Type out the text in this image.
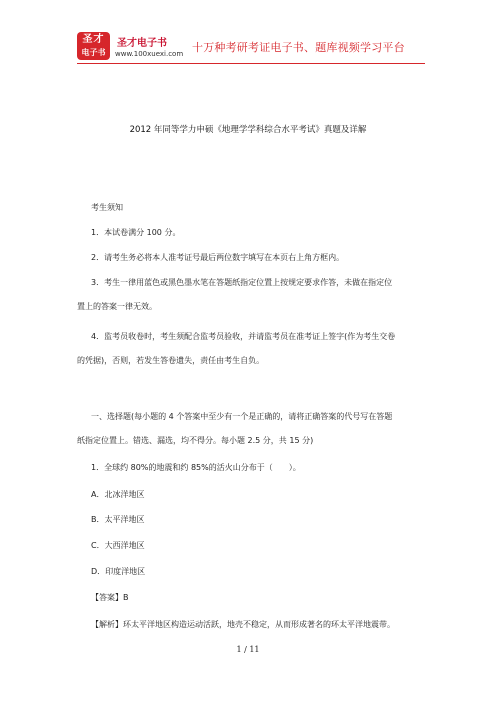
圣才
电子书
圣才电子书
www.100xuexi.com 十万种考研考证电子书、题库视频学习平台
2012 年同等学力申硕《地理学学科综合水平考试》真题及详解
考生须知
1．本试卷满分 100 分。
2．请考生务必将本人准考证号最后两位数字填写在本页右上角方框内。
3．考生一律用蓝色或黑色墨水笔在答题纸指定位置上按规定要求作答，未做在指定位
置上的答案一律无效。
4．监考员收卷时，考生须配合监考员验收，并请监考员在准考证上签字(作为考生交卷
的凭据)，否则，若发生答卷遗失，责任由考生自负。
一、选择题(每小题的 4 个答案中至少有一个是正确的，请将正确答案的代号写在答题
纸指定位置上。错选、漏选，均不得分。每小题 2.5 分，共 15 分)
1．全球约 80%的地震和约 85%的活火山分布于（　　）。
A．北冰洋地区
B．太平洋地区
C．大西洋地区
D．印度洋地区
【答案】B
【解析】环太平洋地区构造运动活跃，地壳不稳定，从而形成著名的环太平洋地震带。
1 / 11
